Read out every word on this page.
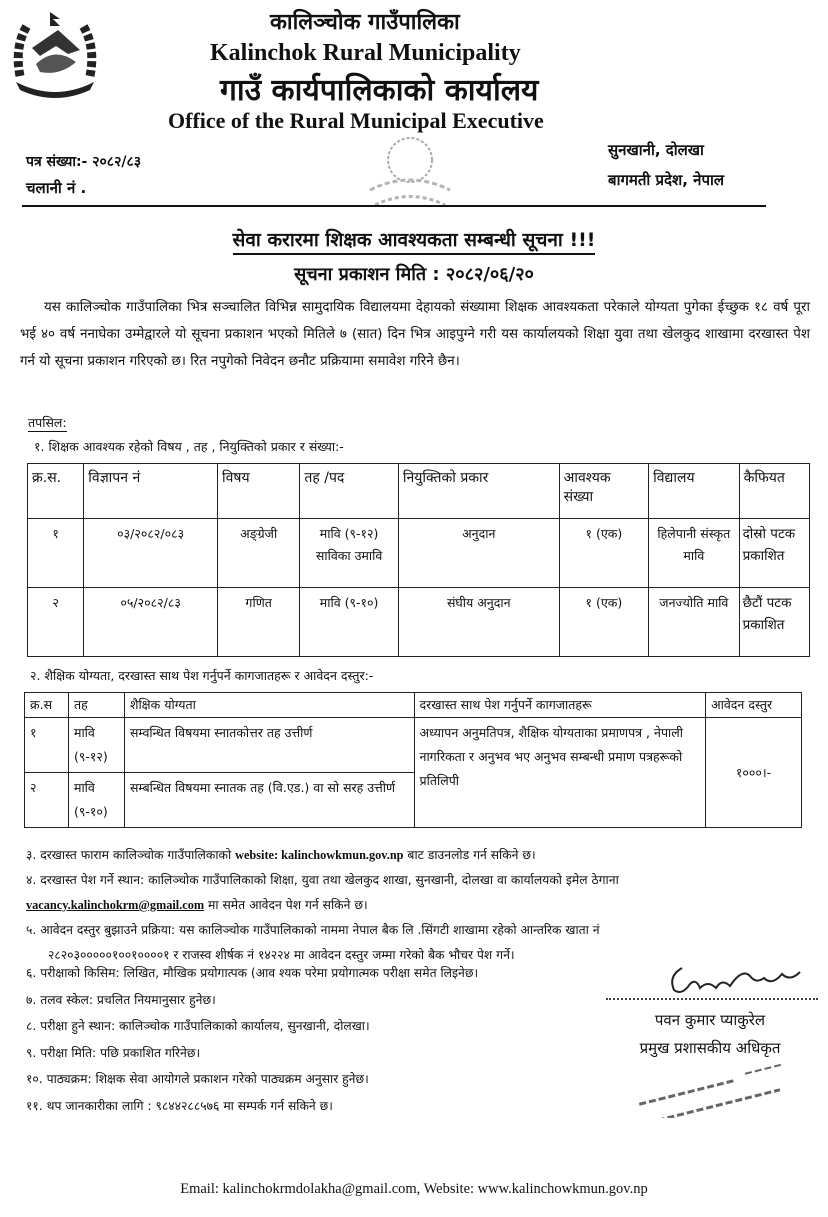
कालिञ्चोक गाउँपालिका
Kalinchok Rural Municipality
गाउँ कार्यपालिकाको कार्यालय
Office of the Rural Municipal Executive
सुनखानी, दोलखा
बागमती प्रदेश, नेपाल
पत्र संख्या:- २०८२/८३
चलानी नं .
सेवा करारमा शिक्षक आवश्यकता सम्बन्धी सूचना !!!
सूचना प्रकाशन मिति : २०८२/०६/२०

यस कालिञ्चोक गाउँपालिका भित्र सञ्चालित विभिन्न सामुदायिक विद्यालयमा देहायको संख्यामा शिक्षक आवश्यकता परेकाले योग्यता पुगेका ईच्छुक १८ वर्ष पूरा भई ४० वर्ष ननाघेका उम्मेद्वारले यो सूचना प्रकाशन भएको मितिले ७ (सात) दिन भित्र आइपुग्ने गरी यस कार्यालयको शिक्षा युवा तथा खेलकुद शाखामा दरखास्त पेश गर्न यो सूचना प्रकाशन गरिएको छ। रित नपुगेको निवेदन छनौट प्रक्रियामा समावेश गरिने छैन।

तपसिल:
१. शिक्षक आवश्यक रहेको विषय , तह , नियुक्तिको प्रकार र संख्या:-
क्र.स.	विज्ञापन नं	विषय	तह /पद	नियुक्तिको प्रकार	आवश्यक संख्या	विद्यालय	कैफियत
१	०३/२०८२/०८३	अङ्ग्रेजी	मावि (९-१२) साविका उमावि	अनुदान	१ (एक)	हिलेपानी संस्कृत मावि	दोस्रो पटक प्रकाशित
२	०५/२०८२/८३	गणित	मावि (९-१०)	संघीय अनुदान	१ (एक)	जनज्योति मावि	छैटौं पटक प्रकाशित
२. शैक्षिक योग्यता, दरखास्त साथ पेश गर्नुपर्ने कागजातहरू र आवेदन दस्तुर:-
क्र.स	तह	शैक्षिक योग्यता	दरखास्त साथ पेश गर्नुपर्ने कागजातहरू	आवेदन दस्तुर
१	मावि (९-१२)	सम्वन्धित विषयमा स्नातकोत्तर तह उत्तीर्ण	अध्यापन अनुमतिपत्र, शैक्षिक योग्यताका प्रमाणपत्र , नेपाली नागरिकता र अनुभव भए अनुभव सम्बन्धी प्रमाण पत्रहरूको प्रतिलिपी	१०००।-
२	मावि (९-१०)	सम्बन्धित विषयमा स्नातक तह (वि.एड.) वा सो सरह उत्तीर्ण		
३. दरखास्त फाराम कालिञ्चोक गाउँपालिकाको website: kalinchowkmun.gov.np बाट डाउनलोड गर्न सकिने छ।
४. दरखास्त पेश गर्ने स्थान: कालिञ्चोक गाउँपालिकाको शिक्षा, युवा तथा खेलकुद शाखा, सुनखानी, दोलखा वा कार्यालयको इमेल ठेगाना
vacancy.kalinchokrm@gmail.com मा समेत आवेदन पेश गर्न सकिने छ।
५. आवेदन दस्तुर बुझाउने प्रक्रिया: यस कालिञ्चोक गाउँपालिकाको नाममा नेपाल बैक लि .सिंगटी शाखामा रहेको आन्तरिक खाता नं
२८२०३०००००१००१००००१ र राजस्व शीर्षक नं १४२२४ मा आवेदन दस्तुर जम्मा गरेको बैक भौचर पेश गर्ने।
६. परीक्षाको किसिम: लिखित, मौखिक प्रयोगात्पक (आव श्यक परेमा प्रयोगात्मक परीक्षा समेत लिइनेछ।
७. तलव स्केल: प्रचलित नियमानुसार हुनेछ।
८. परीक्षा हुने स्थान: कालिञ्चोक गाउँपालिकाको कार्यालय, सुनखानी, दोलखा।
९. परीक्षा मिति: पछि प्रकाशित गरिनेछ।
१०. पाठ्यक्रम: शिक्षक सेवा आयोगले प्रकाशन गरेको पाठ्यक्रम अनुसार हुनेछ।
११. थप जानकारीका लागि : ९८४४२८८५७६ मा सम्पर्क गर्न सकिने छ।
पवन कुमार प्याकुरेल
प्रमुख प्रशासकीय अधिकृत
Email: kalinchokrmdolakha@gmail.com, Website: www.kalinchowkmun.gov.np
